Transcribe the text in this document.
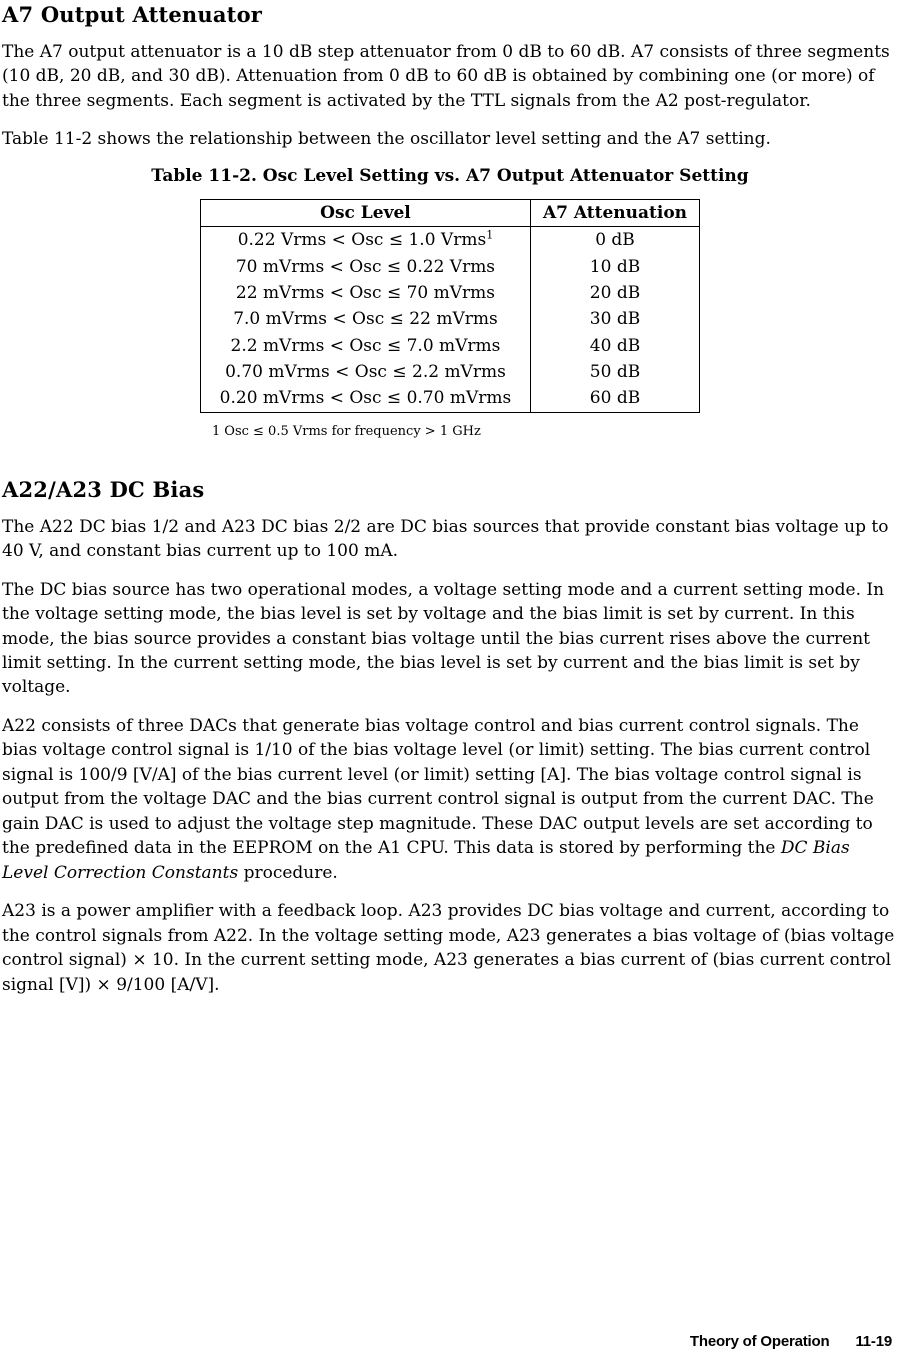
A7 Output Attenuator

The A7 output attenuator is a 10 dB step attenuator from 0 dB to 60 dB. A7 consists of three segments (10 dB, 20 dB, and 30 dB). Attenuation from 0 dB to 60 dB is obtained by combining one (or more) of the three segments. Each segment is activated by the TTL signals from the A2 post-regulator.

Table 11-2 shows the relationship between the oscillator level setting and the A7 setting.

Table 11-2. Osc Level Setting vs. A7 Output Attenuator Setting
Osc Level	A7 Attenuation
0.22 Vrms < Osc ≤ 1.0 Vrms$^1$	0 dB
70 mVrms < Osc ≤ 0.22 Vrms	10 dB
22 mVrms < Osc ≤ 70 mVrms	20 dB
7.0 mVrms < Osc ≤ 22 mVrms	30 dB
2.2 mVrms < Osc ≤ 7.0 mVrms	40 dB
0.70 mVrms < Osc ≤ 2.2 mVrms	50 dB
0.20 mVrms < Osc ≤ 0.70 mVrms	60 dB
1 Osc ≤ 0.5 Vrms for frequency > 1 GHz
A22/A23 DC Bias

The A22 DC bias 1/2 and A23 DC bias 2/2 are DC bias sources that provide constant bias voltage up to 40 V, and constant bias current up to 100 mA.

The DC bias source has two operational modes, a voltage setting mode and a current setting mode. In the voltage setting mode, the bias level is set by voltage and the bias limit is set by current. In this mode, the bias source provides a constant bias voltage until the bias current rises above the current limit setting. In the current setting mode, the bias level is set by current and the bias limit is set by voltage.

A22 consists of three DACs that generate bias voltage control and bias current control signals. The bias voltage control signal is 1/10 of the bias voltage level (or limit) setting. The bias current control signal is 100/9 [V/A] of the bias current level (or limit) setting [A]. The bias voltage control signal is output from the voltage DAC and the bias current control signal is output from the current DAC. The gain DAC is used to adjust the voltage step magnitude. These DAC output levels are set according to the predefined data in the EEPROM on the A1 CPU. This data is stored by performing the DC Bias Level Correction Constants procedure.

A23 is a power amplifier with a feedback loop. A23 provides DC bias voltage and current, according to the control signals from A22. In the voltage setting mode, A23 generates a bias voltage of (bias voltage control signal) × 10. In the current setting mode, A23 generates a bias current of (bias current control signal [V]) × 9/100 [A/V].

Theory of Operation 11-19
